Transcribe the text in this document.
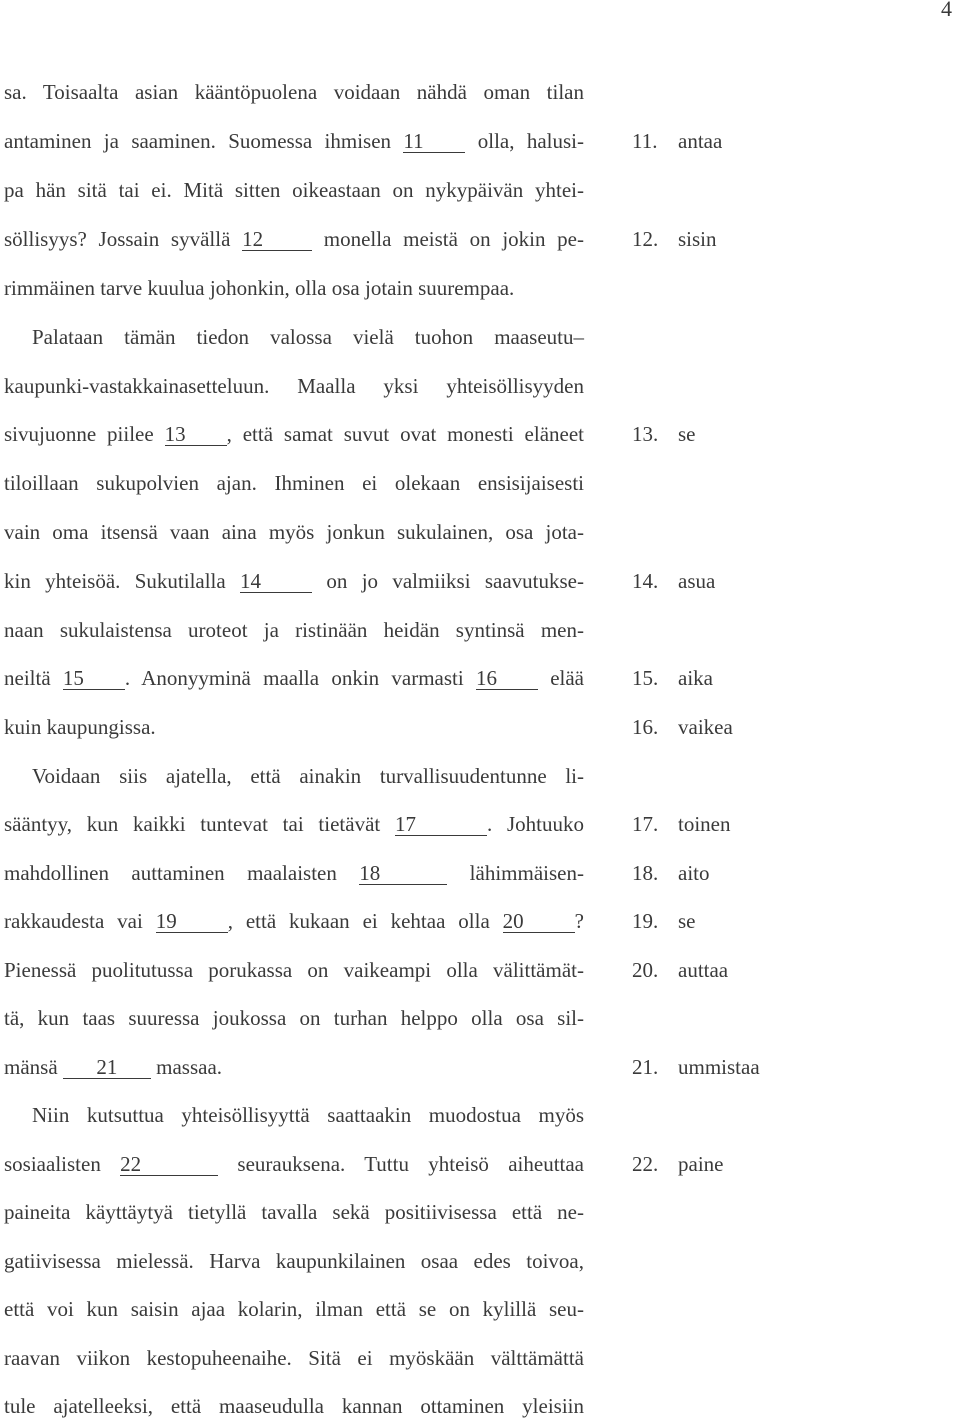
4
sa. Toisaalta asian kääntöpuolena voidaan nähdä oman tilan
antaminen ja saaminen. Suomessa ihmisen 11 olla, halusi-
pa hän sitä tai ei. Mitä sitten oikeastaan on nykypäivän yhtei-
söllisyys? Jossain syvällä 12 monella meistä on jokin pe-
rimmäinen tarve kuulua johonkin, olla osa jotain suurempaa.
Palataan tämän tiedon valossa vielä tuohon maaseutu–
kaupunki-vastakkainasetteluun. Maalla yksi yhteisöllisyyden
sivujuonne piilee 13 , että samat suvut ovat monesti eläneet
tiloillaan sukupolvien ajan. Ihminen ei olekaan ensisijaisesti
vain oma itsensä vaan aina myös jonkun sukulainen, osa jota-
kin yhteisöä. Sukutilalla 14 on jo valmiiksi saavutukse-
naan sukulaistensa uroteot ja ristinään heidän syntinsä men-
neiltä 15 . Anonyyminä maalla onkin varmasti 16 elää
kuin kaupungissa.
Voidaan siis ajatella, että ainakin turvallisuudentunne li-
sääntyy, kun kaikki tuntevat tai tietävät 17	. Johtuuko
mahdollinen auttaminen maalaisten 18	lähimmäisen-
rakkaudesta vai 19 , että kukaan ei kehtaa olla 20 ?
Pienessä puolitutussa porukassa on vaikeampi olla välittämät-
tä, kun taas suuressa joukossa on turhan helppo olla osa sil-
mänsä 21 massaa.
Niin kutsuttua yhteisöllisyyttä saattaakin muodostua myös
sosiaalisten 22	seurauksena. Tuttu yhteisö aiheuttaa
paineita käyttäytyä tietyllä tavalla sekä positiivisessa että ne-
gatiivisessa mielessä. Harva kaupunkilainen osaa edes toivoa,
että voi kun saisin ajaa kolarin, ilman että se on kylillä seu-
raavan viikon kestopuheenaihe. Sitä ei myöskään välttämättä
tule ajatelleeksi, että maaseudulla kannan ottaminen yleisiin
11. antaa
12. sisin
13. se
14. asua
15. aika
16. vaikea
17. toinen
18. aito
19. se
20. auttaa
21. ummistaa
22. paine
